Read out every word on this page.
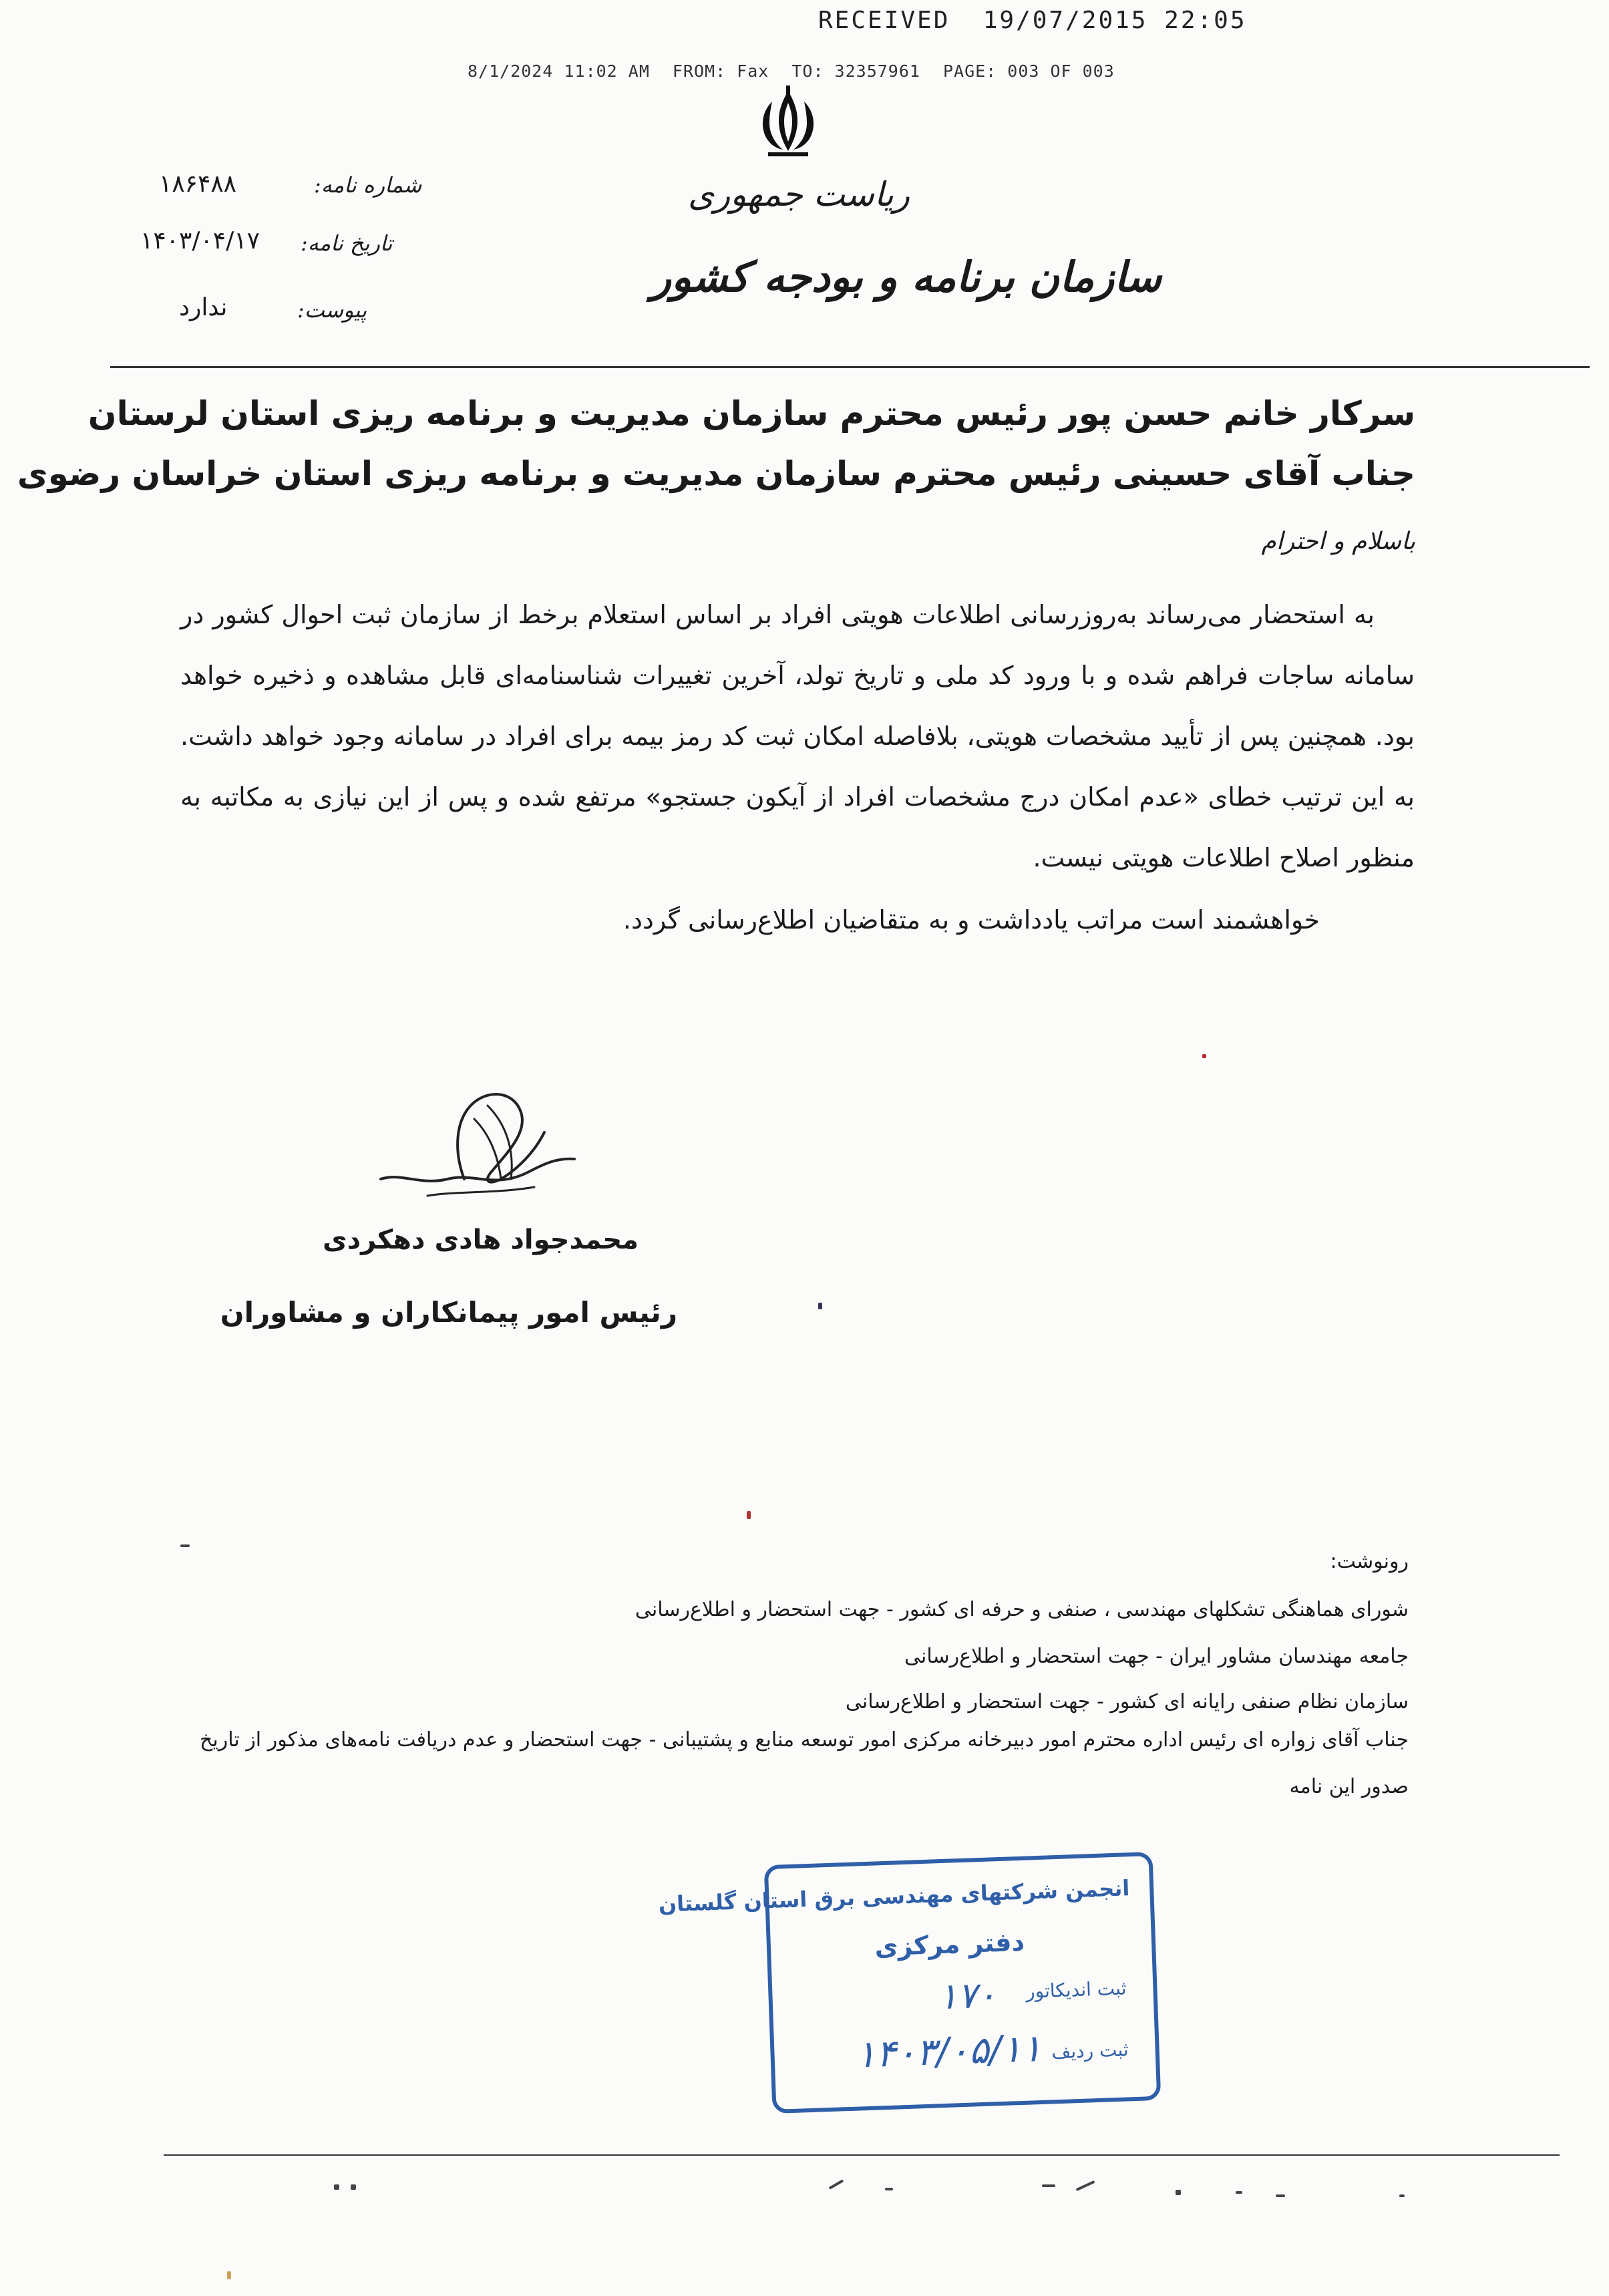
RECEIVED  19/07/2015 22:05
8/1/2024 11:02 AM FROM: Fax TO: 32357961 PAGE: 003 OF 003
ریاست جمهوری
سازمان برنامه و بودجه کشور
شماره نامه:
۱۸۶۴۸۸
تاریخ نامه:
۱۴۰۳/۰۴/۱۷
پیوست:
ندارد
سرکار خانم حسن پور رئیس محترم سازمان مدیریت و برنامه ریزی استان لرستان
جناب آقای حسینی رئیس محترم سازمان مدیریت و برنامه ریزی استان خراسان رضوی
باسلام و احترام

به استحضار می‌رساند به‌روزرسانی اطلاعات هویتی افراد بر اساس استعلام برخط از سازمان ثبت احوال کشور در سامانه ساجات فراهم شده و با ورود کد ملی و تاریخ تولد، آخرین تغییرات شناسنامه‌ای قابل مشاهده و ذخیره خواهد بود. همچنین پس از تأیید مشخصات هویتی، بلافاصله امکان ثبت کد رمز بیمه برای افراد در سامانه وجود خواهد داشت. به این ترتیب خطای «عدم امکان درج مشخصات افراد از آیکون جستجو» مرتفع شده و پس از این نیازی به مکاتبه به منظور اصلاح اطلاعات هویتی نیست.

خواهشمند است مراتب یادداشت و به متقاضیان اطلاع‌رسانی گردد.
محمدجواد هادی دهکردی
رئیس امور پیمانکاران و مشاوران
رونوشت:
شورای هماهنگی تشکلهای مهندسی ، صنفی و حرفه ای کشور - جهت استحضار و اطلاع‌رسانی
جامعه مهندسان مشاور ایران - جهت استحضار و اطلاع‌رسانی
سازمان نظام صنفی رایانه ای کشور - جهت استحضار و اطلاع‌رسانی
جناب آقای زواره ای رئیس اداره محترم امور دبیرخانه مرکزی امور توسعه منابع و پشتیبانی - جهت استحضار و عدم دریافت نامه‌های مذکور از تاریخ صدور این نامه
انجمن شرکتهای مهندسی برق استان گلستان
دفتر مرکزی
ثبت اندیکاتور
۱۷۰
ثبت ردیف
۱۴۰۳/۰۵/۱۱
